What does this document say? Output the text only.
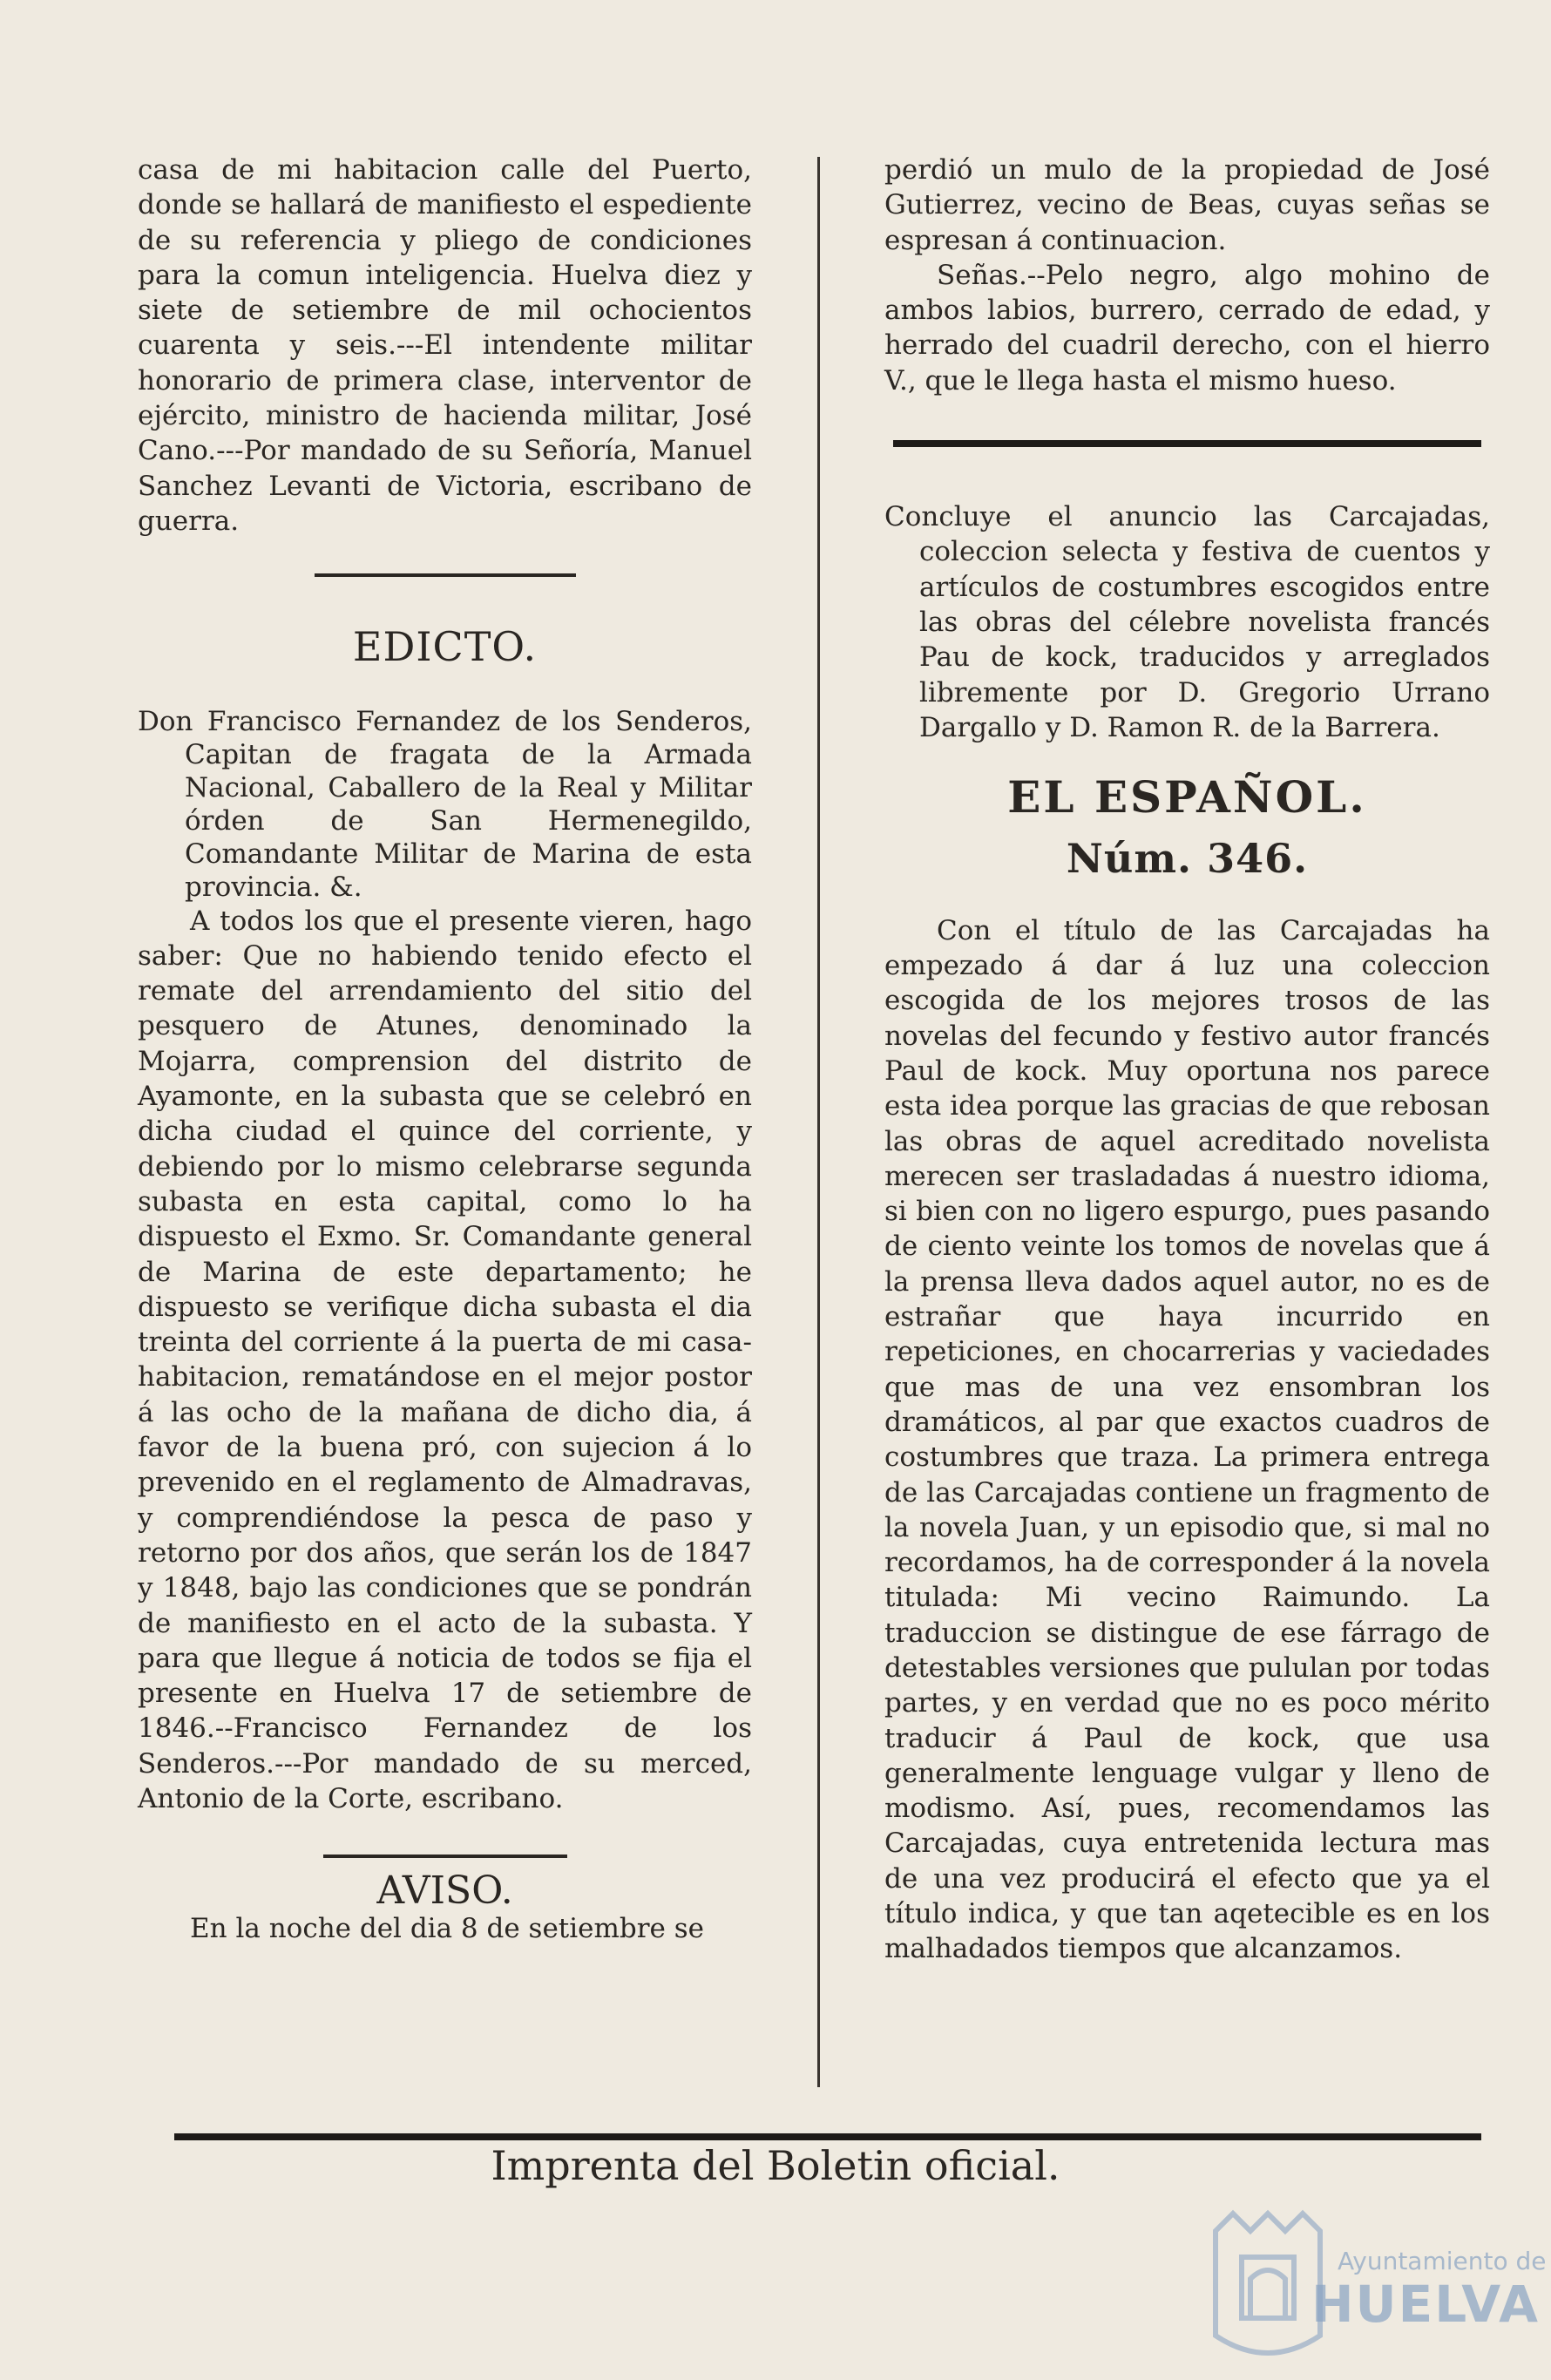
casa de mi habitacion calle del Puerto, donde se hallará de manifiesto el espediente de su referencia y pliego de condiciones para la comun inteligencia. Huelva diez y siete de setiembre de mil ochocientos cuarenta y seis.---El intendente militar honorario de primera clase, interventor de ejército, ministro de hacienda militar, José Cano.---Por mandado de su Señoría, Manuel Sanchez Levanti de Victoria, escribano de guerra.

EDICTO.

Don Francisco Fernandez de los Senderos, Capitan de fragata de la Armada Nacional, Caballero de la Real y Militar órden de San Hermenegildo, Comandante Militar de Marina de esta provincia. &.

A todos los que el presente vieren, hago saber: Que no habiendo tenido efecto el remate del arrendamiento del sitio del pesquero de Atunes, denominado la Mojarra, comprension del distrito de Ayamonte, en la subasta que se celebró en dicha ciudad el quince del corriente, y debiendo por lo mismo celebrarse segunda subasta en esta capital, como lo ha dispuesto el Exmo. Sr. Comandante general de Marina de este departamento; he dispuesto se verifique dicha subasta el dia treinta del corriente á la puerta de mi casa-habitacion, rematándose en el mejor postor á las ocho de la mañana de dicho dia, á favor de la buena pró, con sujecion á lo prevenido en el reglamento de Almadravas, y comprendiéndose la pesca de paso y retorno por dos años, que serán los de 1847 y 1848, bajo las condiciones que se pondrán de manifiesto en el acto de la subasta. Y para que llegue á noticia de todos se fija el presente en Huelva 17 de setiembre de 1846.--Francisco Fernandez de los Senderos.---Por mandado de su merced, Antonio de la Corte, escribano.

AVISO.

En la noche del dia 8 de setiembre se

perdió un mulo de la propiedad de José Gutierrez, vecino de Beas, cuyas señas se espresan á continuacion.

Señas.--Pelo negro, algo mohino de ambos labios, burrero, cerrado de edad, y herrado del cuadril derecho, con el hierro V., que le llega hasta el mismo hueso.

Concluye el anuncio las Carcajadas, coleccion selecta y festiva de cuentos y artículos de costumbres escogidos entre las obras del célebre novelista francés Pau de kock, traducidos y arreglados libremente por D. Gregorio Urrano Dargallo y D. Ramon R. de la Barrera.

EL ESPAÑOL.
Núm. 346.

Con el título de las Carcajadas ha empezado á dar á luz una coleccion escogida de los mejores trosos de las novelas del fecundo y festivo autor francés Paul de kock. Muy oportuna nos parece esta idea porque las gracias de que rebosan las obras de aquel acreditado novelista merecen ser trasladadas á nuestro idioma, si bien con no ligero espurgo, pues pasando de ciento veinte los tomos de novelas que á la prensa lleva dados aquel autor, no es de estrañar que haya incurrido en repeticiones, en chocarrerias y vaciedades que mas de una vez ensombran los dramáticos, al par que exactos cuadros de costumbres que traza. La primera entrega de las Carcajadas contiene un fragmento de la novela Juan, y un episodio que, si mal no recordamos, ha de corresponder á la novela titulada: Mi vecino Raimundo. La traduccion se distingue de ese fárrago de detestables versiones que pululan por todas partes, y en verdad que no es poco mérito traducir á Paul de kock, que usa generalmente lenguage vulgar y lleno de modismo. Así, pues, recomendamos las Carcajadas, cuya entretenida lectura mas de una vez producirá el efecto que ya el título indica, y que tan aqetecible es en los malhadados tiempos que alcanzamos.

Imprenta del Boletin oficial.
Ayuntamiento de
HUELVA
